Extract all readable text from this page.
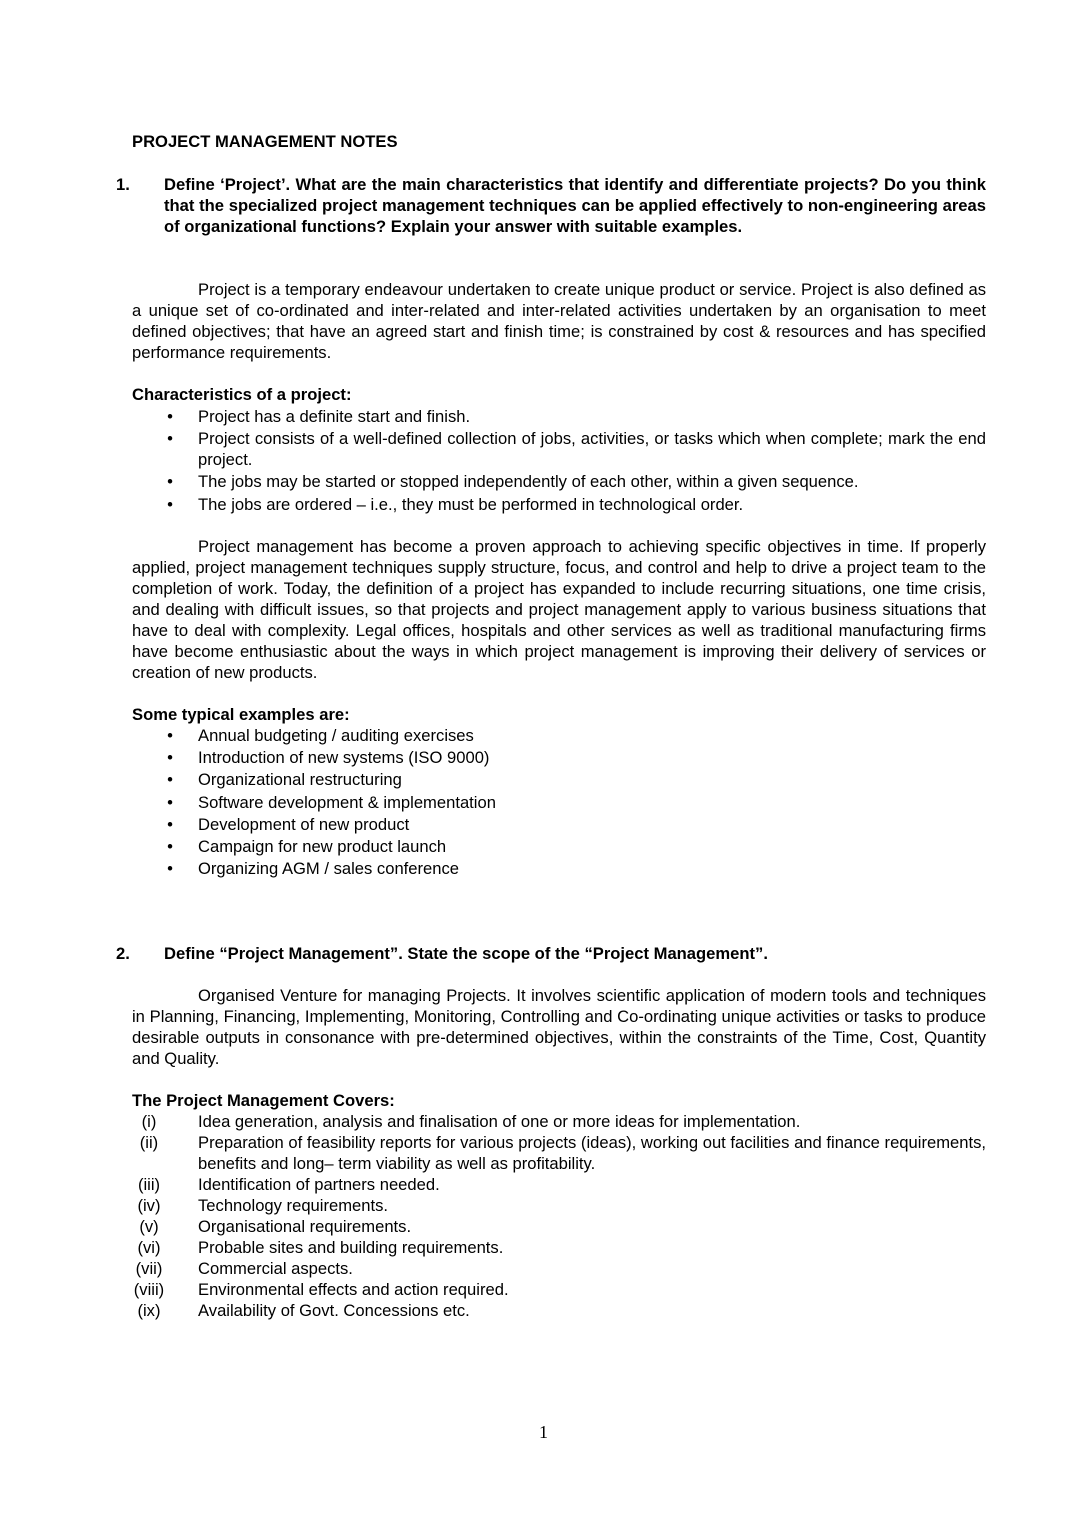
PROJECT MANAGEMENT NOTES
1. Define ‘Project’. What are the main characteristics that identify and differentiate projects? Do you think that the specialized project management techniques can be applied effectively to non-engineering areas of organizational functions? Explain your answer with suitable examples.
Project is a temporary endeavour undertaken to create unique product or service. Project is also defined as a unique set of co-ordinated and inter-related and inter-related activities undertaken by an organisation to meet defined objectives; that have an agreed start and finish time; is constrained by cost & resources and has specified performance requirements.
Characteristics of a project:
• Project has a definite start and finish.
• Project consists of a well-defined collection of jobs, activities, or tasks which when complete; mark the end project.
• The jobs may be started or stopped independently of each other, within a given sequence.
• The jobs are ordered – i.e., they must be performed in technological order.
Project management has become a proven approach to achieving specific objectives in time. If properly applied, project management techniques supply structure, focus, and control and help to drive a project team to the completion of work. Today, the definition of a project has expanded to include recurring situations, one time crisis, and dealing with difficult issues, so that projects and project management apply to various business situations that have to deal with complexity. Legal offices, hospitals and other services as well as traditional manufacturing firms have become enthusiastic about the ways in which project management is improving their delivery of services or creation of new products.
Some typical examples are:
• Annual budgeting / auditing exercises
• Introduction of new systems (ISO 9000)
• Organizational restructuring
• Software development & implementation
• Development of new product
• Campaign for new product launch
• Organizing AGM / sales conference
2. Define “Project Management”. State the scope of the “Project Management”.
Organised Venture for managing Projects. It involves scientific application of modern tools and techniques in Planning, Financing, Implementing, Monitoring, Controlling and Co-ordinating unique activities or tasks to produce desirable outputs in consonance with pre-determined objectives, within the constraints of the Time, Cost, Quantity and Quality.
The Project Management Covers:
(i)	Idea generation, analysis and finalisation of one or more ideas for implementation.
(ii)	Preparation of feasibility reports for various projects (ideas), working out facilities and finance requirements, benefits and long– term viability as well as profitability.
(iii)	Identification of partners needed.
(iv)	Technology requirements.
(v)	Organisational requirements.
(vi)	Probable sites and building requirements.
(vii) Commercial aspects.
(viii) Environmental effects and action required.
(ix)	Availability of Govt. Concessions etc.
1
